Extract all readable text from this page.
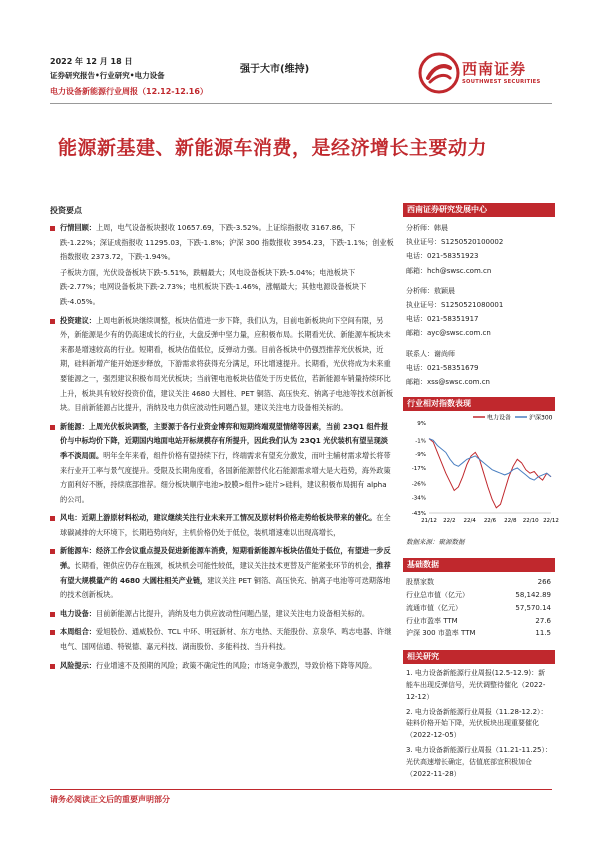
2022 年 12 月 18 日
证券研究报告•行业研究•电力设备
电力设备新能源行业周报（12.12-12.16）
强于大市(维持)	西南证券
SOUTHWEST SECURITIES
能源新基建、新能源车消费，是经济增长主要动力
投资要点
行情回顾：上周，电气设备板块报收 10657.69，下跌-3.52%。上证综指报收 3167.86，下跌-1.22%；深证成指报收 11295.03，下跌-1.8%；沪深 300 指数报收 3954.23，下跌-1.1%；创业板指数报收 2373.72，下跌-1.94%。
子板块方面，光伏设备板块下跌-5.51%，跌幅最大；风电设备板块下跌-5.04%；电池板块下跌-2.77%；电网设备板块下跌-2.73%；电机板块下跌-1.46%，涨幅最大；其他电源设备板块下跌-4.05%。
投资建议：上周电新板块继续调整，板块估值进一步下降，我们认为，目前电新板块向下空间有限，另外，新能源是少有的仍高速成长的行业，大盘反弹中坚力量，应积极布局。长期看光伏、新能源车板块未来都是增速较高的行业。短期看，板块估值低位，反弹动力强。目前各板块中仍强烈推荐光伏板块，近期，硅料新增产能开始逐步释放，下游需求将获得充分满足，环比增速提升。长期看，光伏将成为未来重要能源之一，强烈建议积极布局光伏板块；当前锂电池板块估值处于历史低位，若新能源车销量持续环比上升，板块具有较好投资价值，建议关注 4680 大圆柱、PET 铜箔、高压快充、钠离子电池等技术创新板块。目前新能源占比提升，消纳及电力供应波动性问题凸显，建议关注电力设备相关标的。
新能源：上周光伏板块调整，主要源于各行业资金博弈和短期终端观望情绪等因素，当前 23Q1 组件报价与中标均价下降，近期国内地面电站开标规模存有所提升，因此我们认为 23Q1 光伏装机有望呈现淡季不淡局面。明年全年来看，组件价格有望持续下行，终端需求有望充分激发，而叶主辅材需求增长将带来行业开工率与景气度提升。受限及长期角度看，各国新能源替代化石能源需求增大是大趋势，海外政策方面利好不断，持续底部推荐。细分板块顺序电池>胶膜>组件>硅片>硅料，建议积极布局拥有 alpha 的公司。
风电：近期上游原材料松动，建议继续关注行业未来开工情况及原材料价格走势给板块带来的催化。在全球碳减排的大环境下，长期趋势向好，主机价格仍处于低位，装机增速难以出现高增长，
新能源车：经济工作会议重点提及促进新能源车消费，短期看新能源车板块估值处于低位，有望进一步反弹。长期看，锂供应仍存在瓶颈，板块机会可能性较低，建议关注技术更替及产能紧张环节的机会，推荐有望大规模量产的 4680 大圆柱相关产业链，建议关注 PET 铜箔、高压快充、钠离子电池等可迭期落地的技术创新板块。
电力设备：目前新能源占比提升，消纳及电力供应波动性问题凸显，建议关注电力设备相关标的。
本周组合：爱旭股份、通威股份、TCL 中环、明冠新材、东方电热、天能股份、京泉华、鸣志电器、许继电气、国网信通、特锐德、嘉元科技、湖南股份、多能科技、当升科技。
风险提示：行业增速不及预期的风险；政策不确定性的风险；市场竞争激烈，导致价格下降等风险。
西南证券研究发展中心
分析师：韩晨
执业证号：S1250520100002
电话：021-58351923
邮箱：hch@swsc.com.cn
分析师：敖颖晨
执业证号：S1250521080001
电话：021-58351917
邮箱：ayc@swsc.com.cn
联系人：谢尚师
电话：021-58351679
邮箱：xss@swsc.com.cn
行业相对指数表现
电力设备	沪深300
9%
-1%
-9%
-17%
-26%
-34%
-43%
21/12 22/2 22/4 22/6 22/8 22/10 22/12
数据来源：聚源数据
基础数据
股票家数	266
行业总市值（亿元）	58,142.89
流通市值（亿元）	57,570.14
行业市盈率 TTM	27.6
沪深 300 市盈率 TTM	11.5
相关研究
1. 电力设备新能源行业周报(12.5-12.9)：新能车出现反弹信号，光伏调整待催化（2022-12-12）
2. 电力设备新能源行业周报（11.28-12.2）：硅料价格开始下降，光伏板块出现重要催化（2022-12-05）
3. 电力设备新能源行业周报（11.21-11.25）：光伏高速增长确定，估值底部宜积极加仓（2022-11-28）
请务必阅读正文后的重要声明部分
